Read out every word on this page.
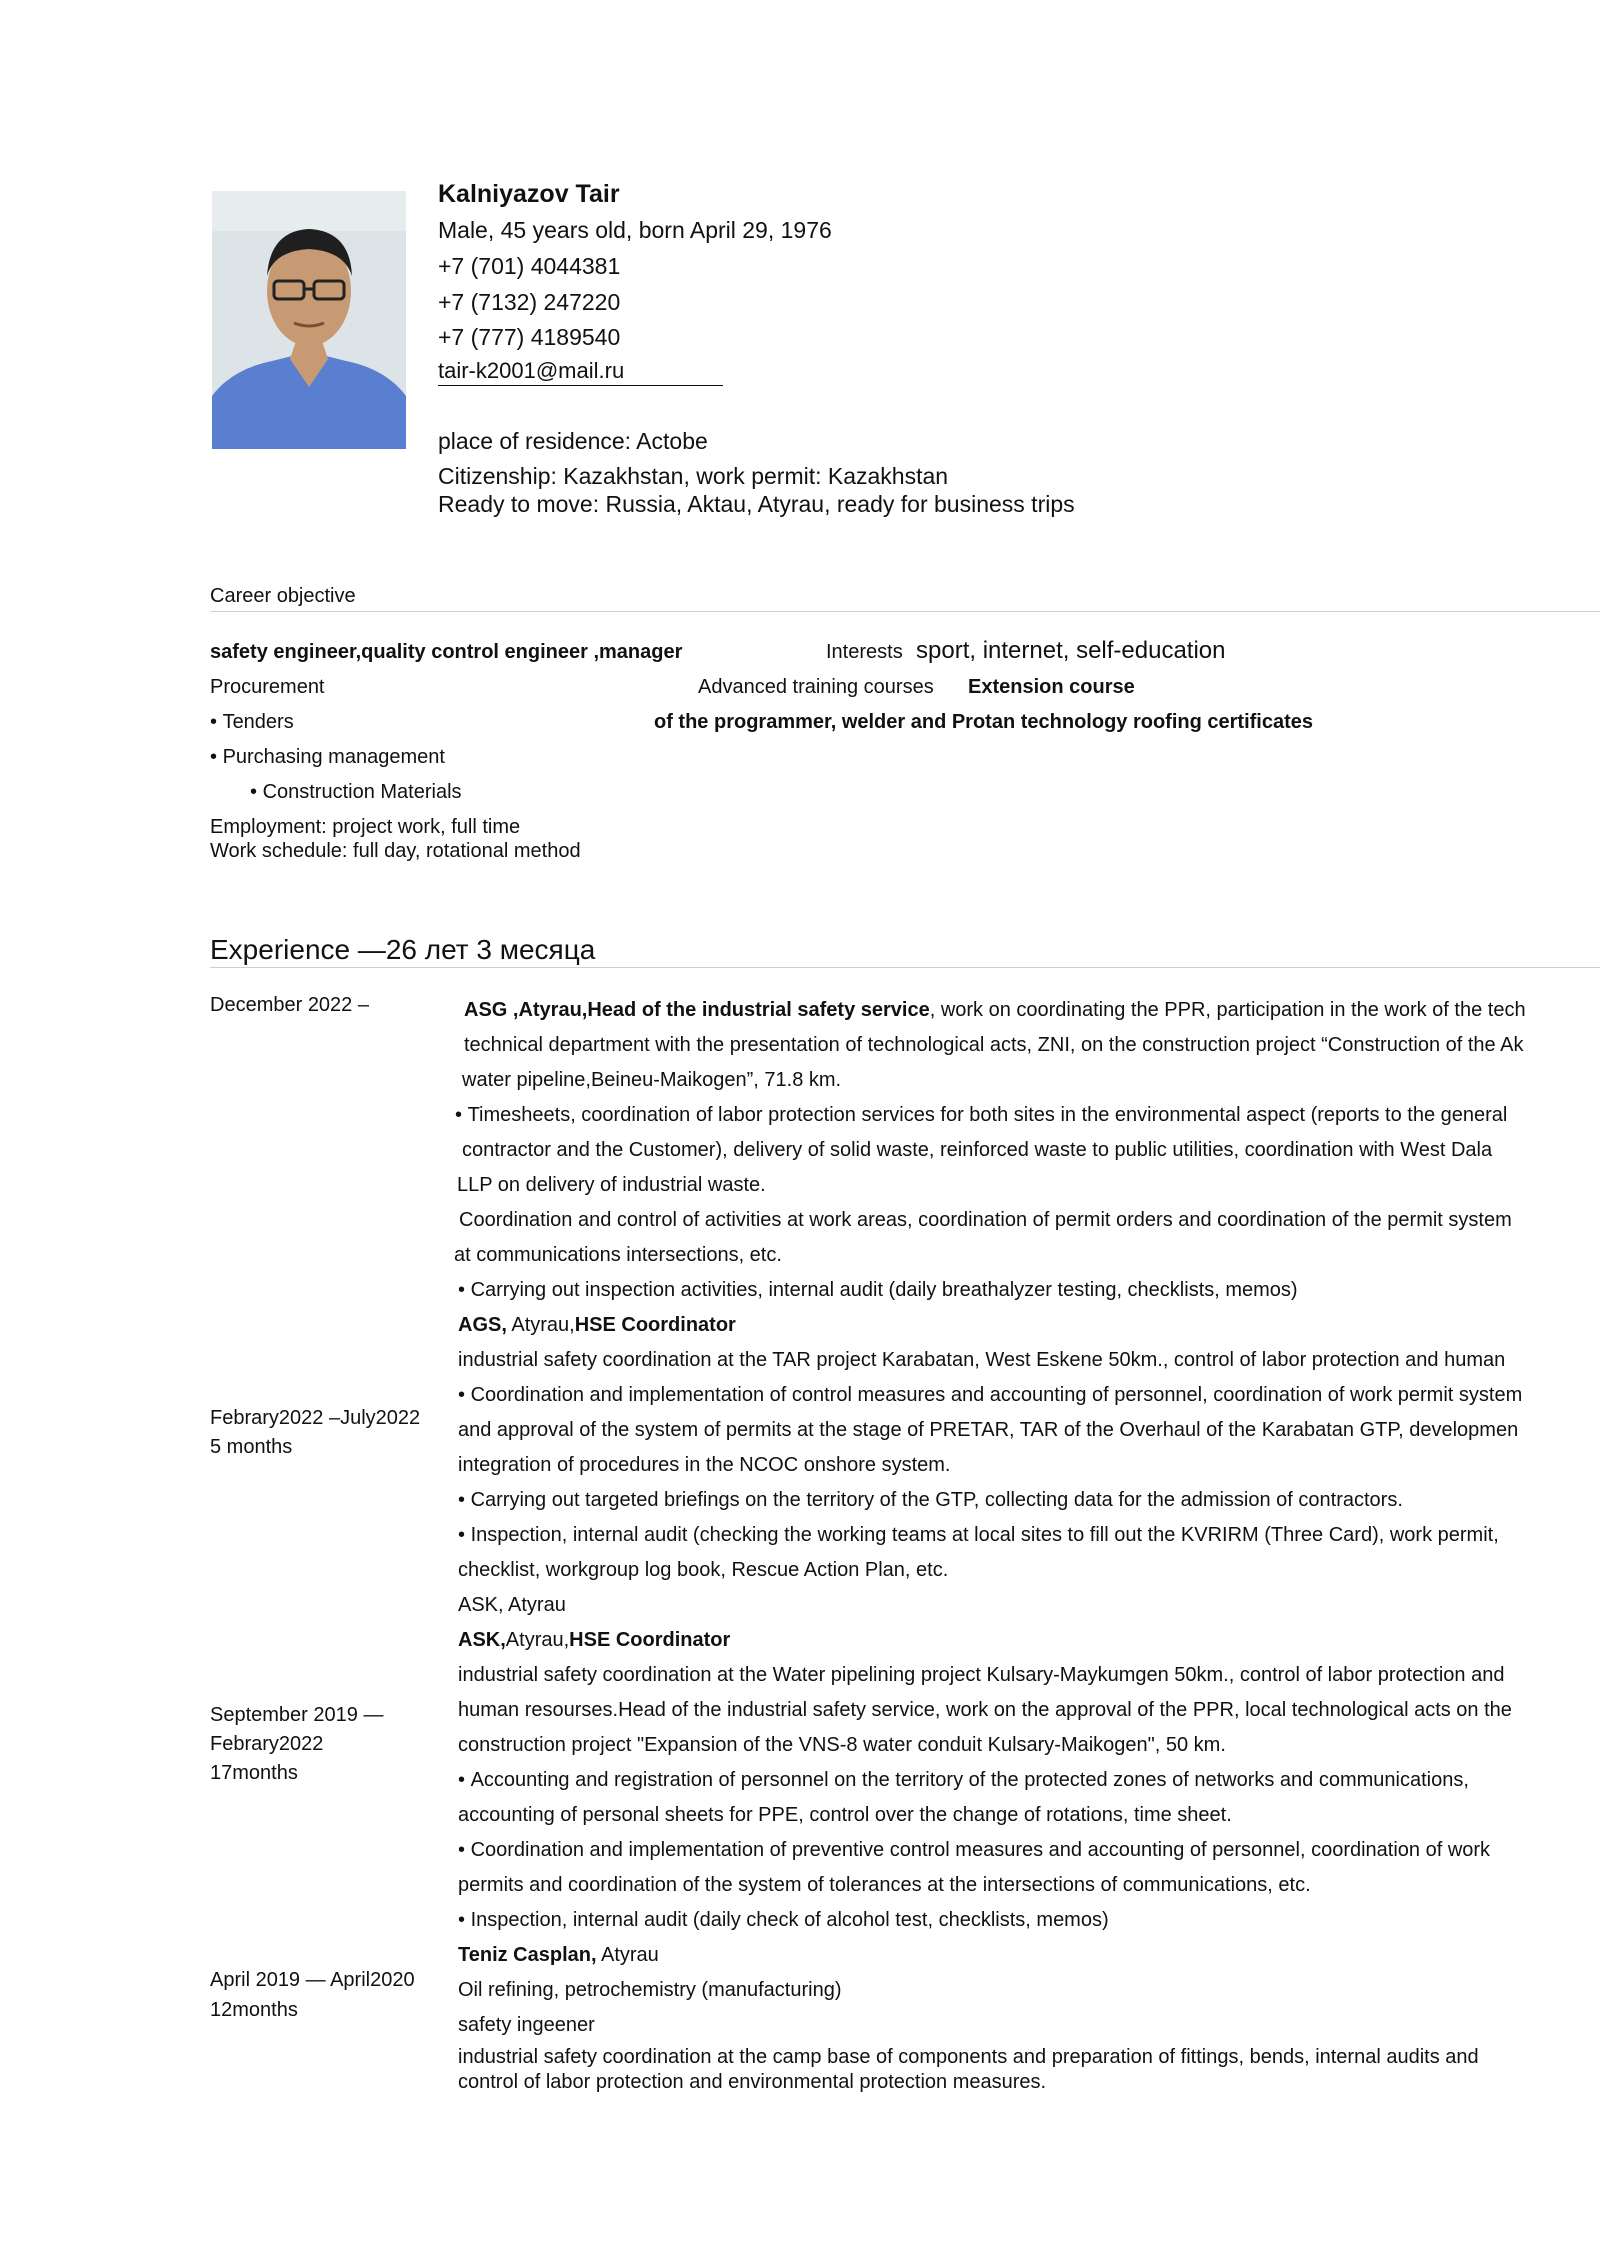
Kalniyazov Tair
Male, 45 years old, born April 29, 1976
+7 (701) 4044381
+7 (7132) 247220
+7 (777) 4189540
tair-k2001@mail.ru
place of residence: Actobe
Citizenship: Kazakhstan, work permit: Kazakhstan
Ready to move: Russia, Aktau, Atyrau, ready for business trips
Career objective
safety engineer,quality control engineer ,manager
Procurement
• Tenders
• Purchasing management
• Construction Materials
Employment: project work, full time
Work schedule: full day, rotational method
Interests sport, internet, self-education
Advanced training courses Extension course
of the programmer, welder and Protan technology roofing certificates
Experience —26 лет 3 месяца
December 2022 –	ASG ,Atyrau,Head of the industrial safety service, work on coordinating the PPR, participation in the work of the tech
technical department with the presentation of technological acts, ZNI, on the construction project “Construction of the Ak
water pipeline,Beineu-Maikogen”, 71.8 km.
• Timesheets, coordination of labor protection services for both sites in the environmental aspect (reports to the general
contractor and the Customer), delivery of solid waste, reinforced waste to public utilities, coordination with West Dala
LLP on delivery of industrial waste.
Coordination and control of activities at work areas, coordination of permit orders and coordination of the permit system
at communications intersections, etc.
• Carrying out inspection activities, internal audit (daily breathalyzer testing, checklists, memos)
AGS, Atyrau,HSE Coordinator
industrial safety coordination at the TAR project Karabatan, West Eskene 50km., control of labor protection and human
• Coordination and implementation of control measures and accounting of personnel, coordination of work permit system
Febrary2022 –July2022
and approval of the system of permits at the stage of PRETAR, TAR of the Overhaul of the Karabatan GTP, developmen
5 months
integration of procedures in the NCOC onshore system.
• Carrying out targeted briefings on the territory of the GTP, collecting data for the admission of contractors.
• Inspection, internal audit (checking the working teams at local sites to fill out the KVRIRM (Three Card), work permit,
checklist, workgroup log book, Rescue Action Plan, etc.
ASK, Atyrau
ASK,Atyrau,HSE Coordinator
industrial safety coordination at the Water pipelining project Kulsary-Maykumgen 50km., control of labor protection and
September 2019 —	human resourses.Head of the industrial safety service, work on the approval of the PPR, local technological acts on the
Febrary2022	construction project "Expansion of the VNS-8 water conduit Kulsary-Maikogen", 50 km.
17months
•	Accounting and registration of personnel on the territory of the protected zones of networks and communications,
accounting of personal sheets for PPE, control over the change of rotations, time sheet.
• Coordination and implementation of preventive control measures and accounting of personnel, coordination of work
permits and coordination of the system of tolerances at the intersections of communications, etc.
• Inspection, internal audit (daily check of alcohol test, checklists, memos)
Teniz Casplan, Atyrau
April 2019 — April2020 Oil refining, petrochemistry (manufacturing)
12months
safety ingeener
industrial safety coordination at the camp base of components and preparation of fittings, bends, internal audits and
control of labor protection and environmental protection measures.
